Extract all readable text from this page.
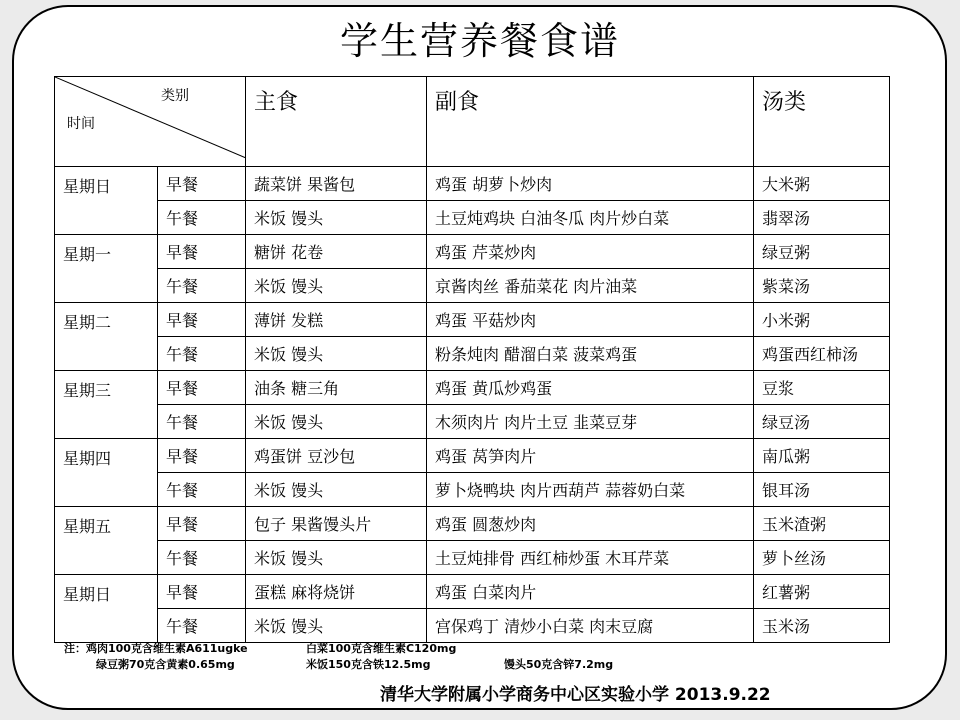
学生营养餐食谱
类别
时间		主食	副食	汤类
星期日	早餐	蔬菜饼 果酱包	鸡蛋 胡萝卜炒肉	大米粥
	午餐	米饭 馒头	土豆炖鸡块 白油冬瓜 肉片炒白菜	翡翠汤
星期一	早餐	糖饼 花卷	鸡蛋 芹菜炒肉	绿豆粥
	午餐	米饭 馒头	京酱肉丝 番茄菜花 肉片油菜	紫菜汤
星期二	早餐	薄饼 发糕	鸡蛋 平菇炒肉	小米粥
	午餐	米饭 馒头	粉条炖肉 醋溜白菜 菠菜鸡蛋	鸡蛋西红柿汤
星期三	早餐	油条 糖三角	鸡蛋 黄瓜炒鸡蛋	豆浆
	午餐	米饭 馒头	木须肉片 肉片土豆 韭菜豆芽	绿豆汤
星期四	早餐	鸡蛋饼 豆沙包	鸡蛋 莴笋肉片	南瓜粥
	午餐	米饭 馒头	萝卜烧鸭块 肉片西葫芦 蒜蓉奶白菜	银耳汤
星期五	早餐	包子 果酱馒头片	鸡蛋 圆葱炒肉	玉米渣粥
	午餐	米饭 馒头	土豆炖排骨 西红柿炒蛋 木耳芹菜	萝卜丝汤
星期日	早餐	蛋糕 麻将烧饼	鸡蛋 白菜肉片	红薯粥
	午餐	米饭 馒头	宫保鸡丁 清炒小白菜 肉末豆腐	玉米汤
注：鸡肉100克含维生素A611ugke	白菜100克含维生素C120mg
绿豆粥70克含黄素0.65mg	米饭150克含铁12.5mg	馒头50克含锌7.2mg
清华大学附属小学商务中心区实验小学 2013.9.22
